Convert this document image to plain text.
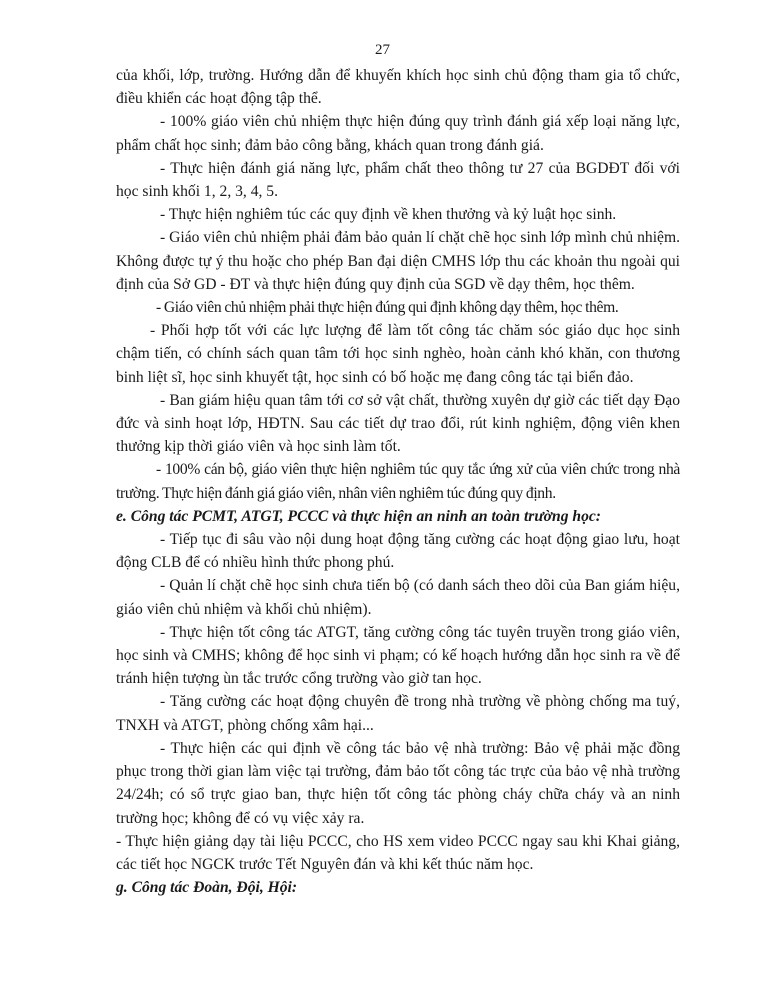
27

của khối, lớp, trường. Hướng dẫn để khuyến khích học sinh chủ động tham gia tổ chức, điều khiển các hoạt động tập thể.

- 100% giáo viên chủ nhiệm thực hiện đúng quy trình đánh giá xếp loại năng lực, phẩm chất học sinh; đảm bảo công bằng, khách quan trong đánh giá.

- Thực hiện đánh giá năng lực, phẩm chất theo thông tư 27 của BGDĐT đối với học sinh khối 1, 2, 3, 4, 5.

- Thực hiện nghiêm túc các quy định về khen thưởng và kỷ luật học sinh.

- Giáo viên chủ nhiệm phải đảm bảo quản lí chặt chẽ học sinh lớp mình chủ nhiệm. Không được tự ý thu hoặc cho phép Ban đại diện CMHS lớp thu các khoản thu ngoài qui định của Sở GD - ĐT và thực hiện đúng quy định của SGD về dạy thêm, học thêm.

- Giáo viên chủ nhiệm phải thực hiện đúng qui định không dạy thêm, học thêm.

- Phối hợp tốt với các lực lượng để làm tốt công tác chăm sóc giáo dục học sinh chậm tiến, có chính sách quan tâm tới học sinh nghèo, hoàn cảnh khó khăn, con thương binh liệt sĩ, học sinh khuyết tật, học sinh có bố hoặc mẹ đang công tác tại biển đảo.

- Ban giám hiệu quan tâm tới cơ sở vật chất, thường xuyên dự giờ các tiết dạy Đạo đức và sinh hoạt lớp, HĐTN. Sau các tiết dự trao đổi, rút kinh nghiệm, động viên khen thưởng kịp thời giáo viên và học sinh làm tốt.

- 100% cán bộ, giáo viên thực hiện nghiêm túc quy tắc ứng xử của viên chức trong nhà trường. Thực hiện đánh giá giáo viên, nhân viên nghiêm túc đúng quy định.

e. Công tác PCMT, ATGT, PCCC và thực hiện an ninh an toàn trường học:

- Tiếp tục đi sâu vào nội dung hoạt động tăng cường các hoạt động giao lưu, hoạt động CLB để có nhiều hình thức phong phú.

- Quản lí chặt chẽ học sinh chưa tiến bộ (có danh sách theo dõi của Ban giám hiệu, giáo viên chủ nhiệm và khối chủ nhiệm).

- Thực hiện tốt công tác ATGT, tăng cường công tác tuyên truyền trong giáo viên, học sinh và CMHS; không để học sinh vi phạm; có kế hoạch hướng dẫn học sinh ra về để tránh hiện tượng ùn tắc trước cổng trường vào giờ tan học.

- Tăng cường các hoạt động chuyên đề trong nhà trường về phòng chống ma tuý, TNXH và ATGT, phòng chống xâm hại...

- Thực hiện các qui định về công tác bảo vệ nhà trường: Bảo vệ phải mặc đồng phục trong thời gian làm việc tại trường, đảm bảo tốt công tác trực của bảo vệ nhà trường 24/24h; có sổ trực giao ban, thực hiện tốt công tác phòng cháy chữa cháy và an ninh trường học; không để có vụ việc xảy ra.

- Thực hiện giảng dạy tài liệu PCCC, cho HS xem video PCCC ngay sau khi Khai giảng, các tiết học NGCK trước Tết Nguyên đán và khi kết thúc năm học.

g. Công tác Đoàn, Đội, Hội:
